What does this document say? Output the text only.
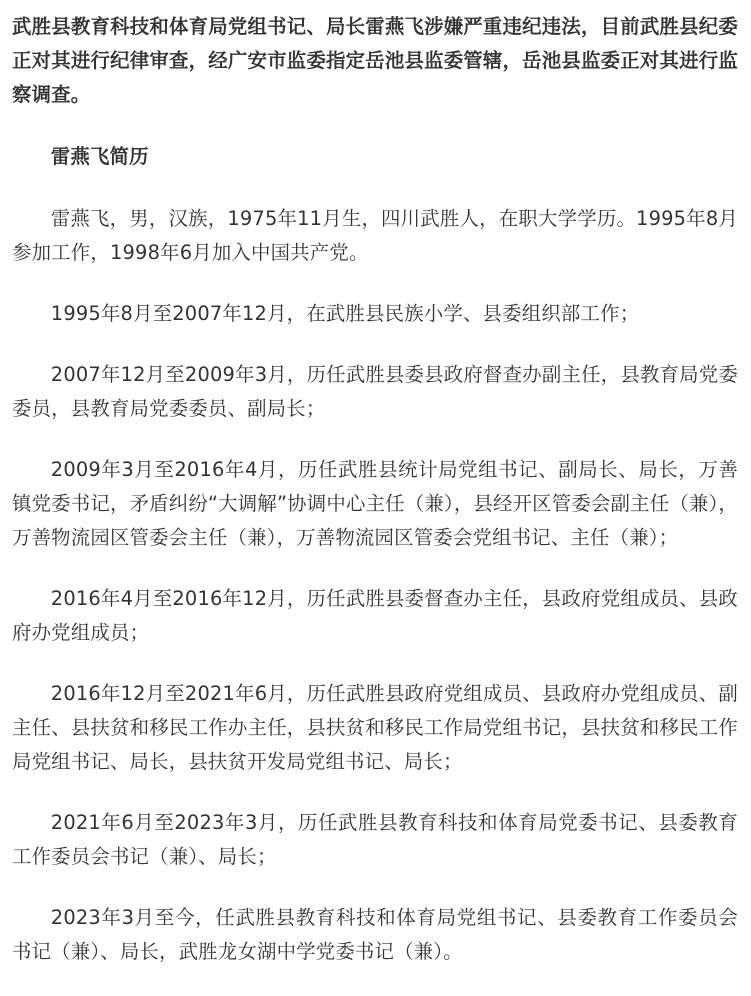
武胜县教育科技和体育局党组书记、局长雷燕飞涉嫌严重违纪违法，目前武胜县纪委正对其进行纪律审查，经广安市监委指定岳池县监委管辖，岳池县监委正对其进行监察调查。

雷燕飞简历

雷燕飞，男，汉族，1975年11月生，四川武胜人，在职大学学历。1995年8月参加工作，1998年6月加入中国共产党。

1995年8月至2007年12月，在武胜县民族小学、县委组织部工作；

2007年12月至2009年3月，历任武胜县委县政府督查办副主任，县教育局党委委员，县教育局党委委员、副局长；

2009年3月至2016年4月，历任武胜县统计局党组书记、副局长、局长，万善镇党委书记，矛盾纠纷“大调解”协调中心主任（兼），县经开区管委会副主任（兼），万善物流园区管委会主任（兼），万善物流园区管委会党组书记、主任（兼）；

2016年4月至2016年12月，历任武胜县委督查办主任，县政府党组成员、县政府办党组成员；

2016年12月至2021年6月，历任武胜县政府党组成员、县政府办党组成员、副主任、县扶贫和移民工作办主任，县扶贫和移民工作局党组书记，县扶贫和移民工作局党组书记、局长，县扶贫开发局党组书记、局长；

2021年6月至2023年3月，历任武胜县教育科技和体育局党委书记、县委教育工作委员会书记（兼）、局长；

2023年3月至今，任武胜县教育科技和体育局党组书记、县委教育工作委员会书记（兼）、局长，武胜龙女湖中学党委书记（兼）。
